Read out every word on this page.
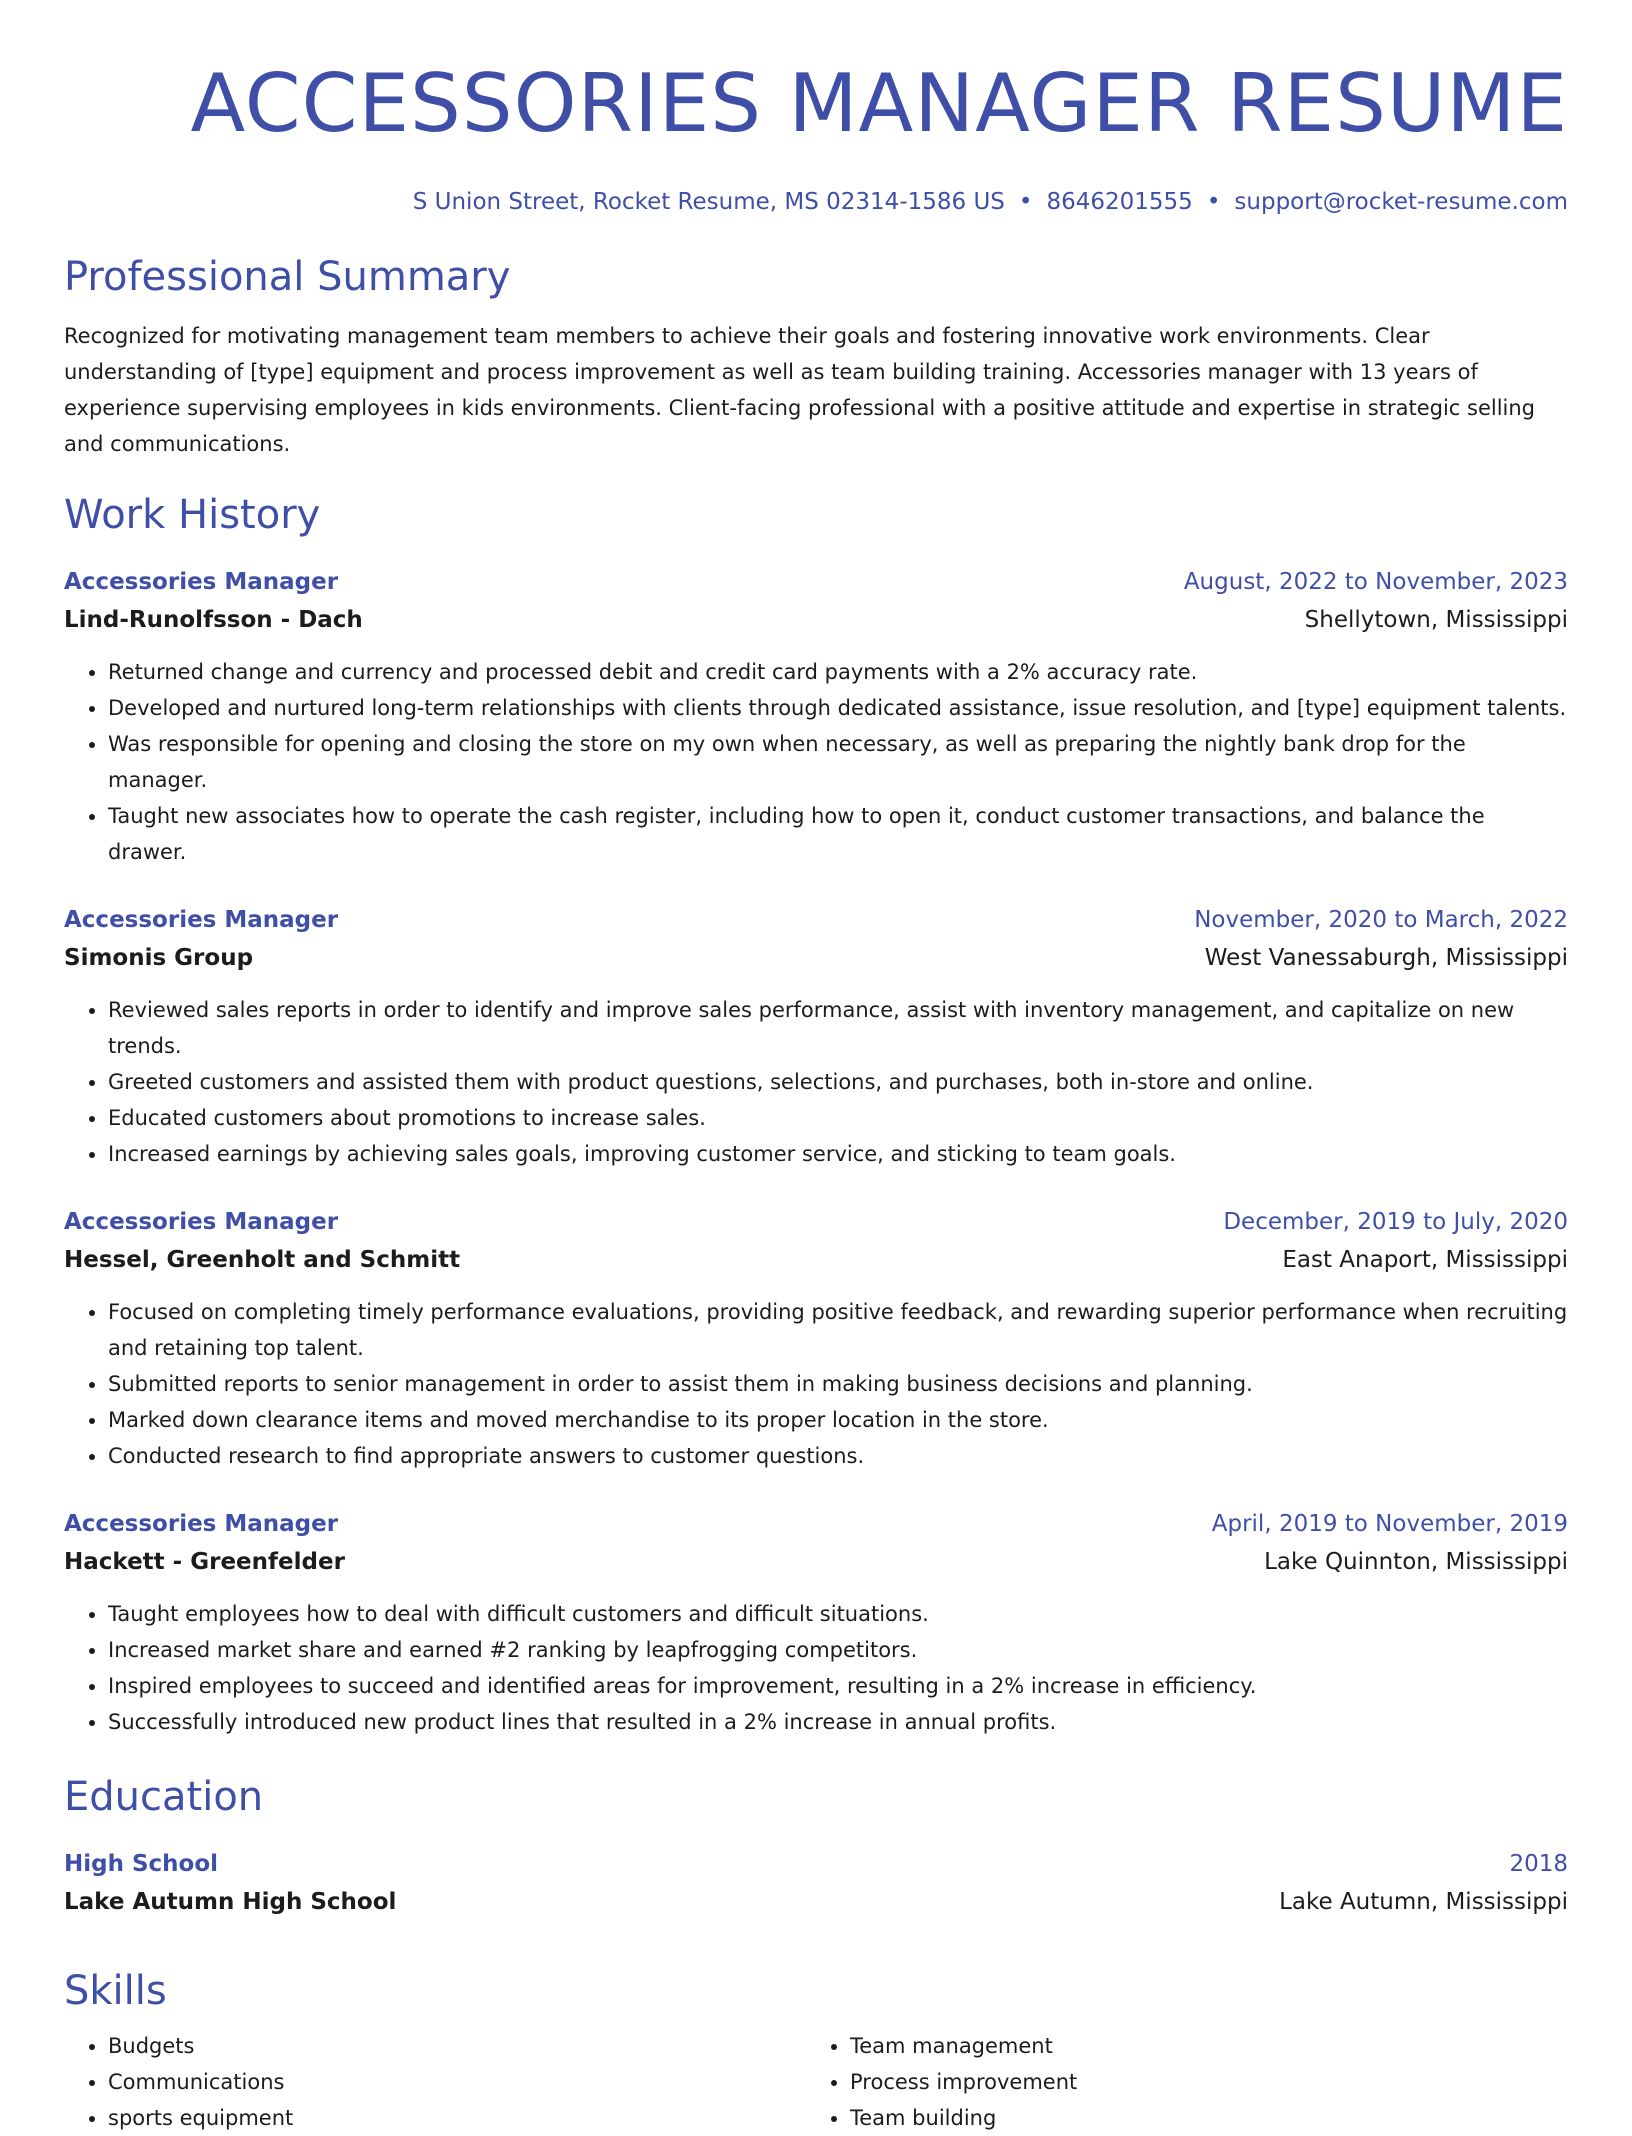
ACCESSORIES MANAGER RESUME
S Union Street, Rocket Resume, MS 02314-1586 US • 8646201555 • support@rocket-resume.com
Professional Summary
Recognized for motivating management team members to achieve their goals and fostering innovative work environments. Clear understanding of [type] equipment and process improvement as well as team building training. Accessories manager with 13 years of experience supervising employees in kids environments. Client-facing professional with a positive attitude and expertise in strategic selling and communications.
Work History
Accessories Manager	August, 2022 to November, 2023
Lind-Runolfsson - Dach	Shellytown, Mississippi
• Returned change and currency and processed debit and credit card payments with a 2% accuracy rate.
• Developed and nurtured long-term relationships with clients through dedicated assistance, issue resolution, and [type] equipment talents.
• Was responsible for opening and closing the store on my own when necessary, as well as preparing the nightly bank drop for the manager.
• Taught new associates how to operate the cash register, including how to open it, conduct customer transactions, and balance the drawer.
Accessories Manager	November, 2020 to March, 2022
Simonis Group	West Vanessaburgh, Mississippi
• Reviewed sales reports in order to identify and improve sales performance, assist with inventory management, and capitalize on new trends.
• Greeted customers and assisted them with product questions, selections, and purchases, both in-store and online.
• Educated customers about promotions to increase sales.
• Increased earnings by achieving sales goals, improving customer service, and sticking to team goals.
Accessories Manager	December, 2019 to July, 2020
Hessel, Greenholt and Schmitt	East Anaport, Mississippi
• Focused on completing timely performance evaluations, providing positive feedback, and rewarding superior performance when recruiting and retaining top talent.
• Submitted reports to senior management in order to assist them in making business decisions and planning.
• Marked down clearance items and moved merchandise to its proper location in the store.
• Conducted research to find appropriate answers to customer questions.
Accessories Manager	April, 2019 to November, 2019
Hackett - Greenfelder	Lake Quinnton, Mississippi
• Taught employees how to deal with difficult customers and difficult situations.
• Increased market share and earned #2 ranking by leapfrogging competitors.
• Inspired employees to succeed and identified areas for improvement, resulting in a 2% increase in efficiency.
• Successfully introduced new product lines that resulted in a 2% increase in annual profits.
Education
High School	2018
Lake Autumn High School	Lake Autumn, Mississippi
Skills
• Budgets
• Communications
• sports equipment
• Team management
• Process improvement
• Team building
